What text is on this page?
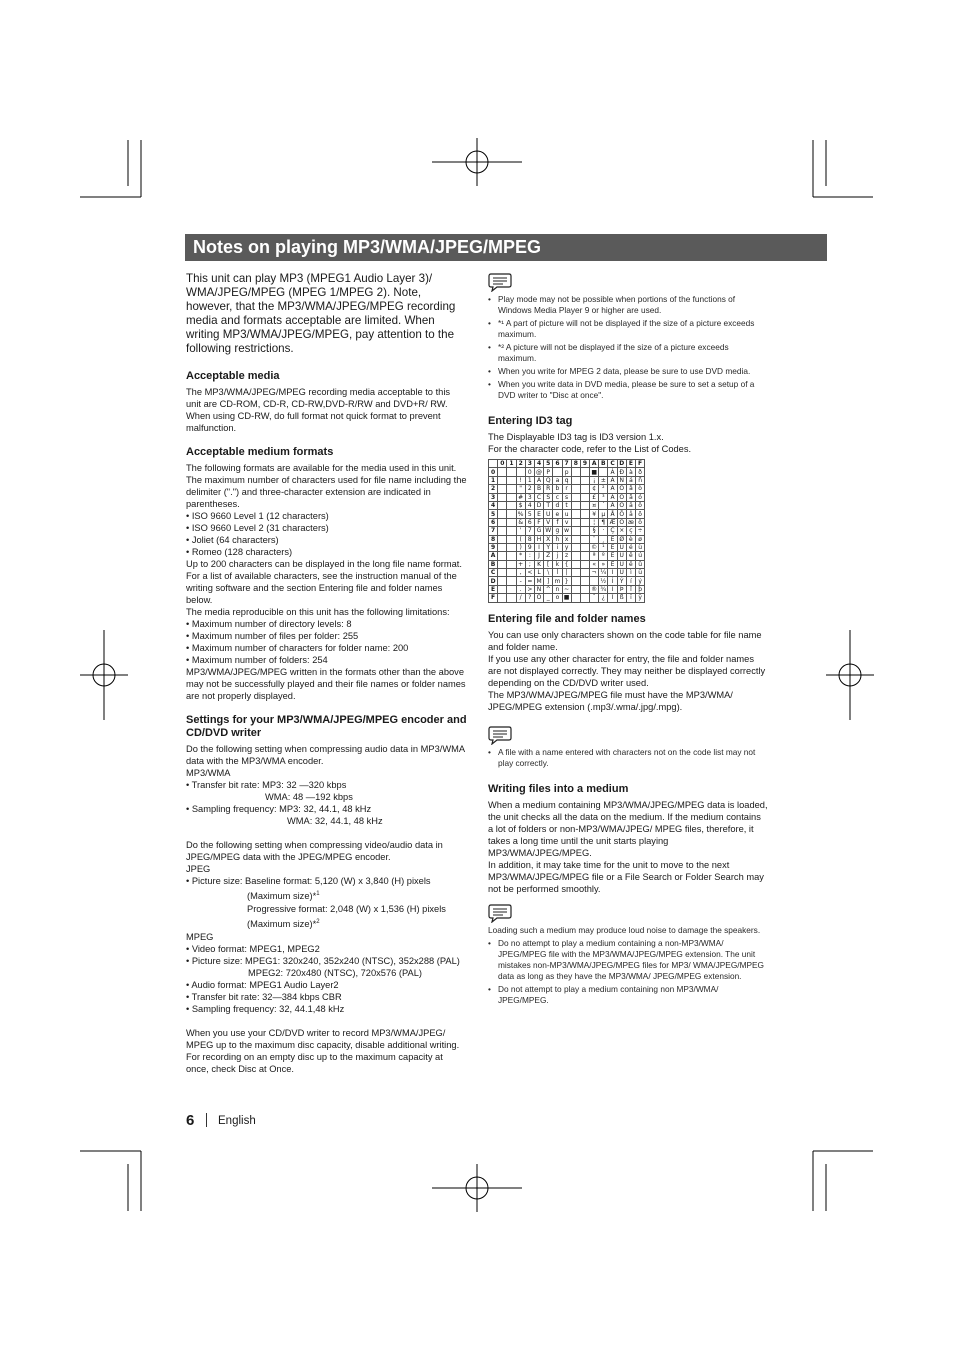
Notes on playing MP3/WMA/JPEG/MPEG

This unit can play MP3 (MPEG1 Audio Layer 3)/ WMA/JPEG/MPEG (MPEG 1/MPEG 2). Note, however, that the MP3/WMA/JPEG/MPEG recording media and formats acceptable are limited. When writing MP3/WMA/JPEG/MPEG, pay attention to the following restrictions.

Acceptable media

The MP3/WMA/JPEG/MPEG recording media acceptable to this unit are CD-ROM, CD-R, CD-RW,DVD-R/RW and DVD+R/ RW.

When using CD-RW, do full format not quick format to prevent malfunction.

Acceptable medium formats

The following formats are available for the media used in this unit. The maximum number of characters used for file name including the delimiter (".") and three-character extension are indicated in parentheses.

• ISO 9660 Level 1 (12 characters)
• ISO 9660 Level 2 (31 characters)
• Joliet (64 characters)
• Romeo (128 characters)

Up to 200 characters can be displayed in the long file name format. For a list of available characters, see the instruction manual of the writing software and the section Entering file and folder names below.

The media reproducible on this unit has the following limitations:

• Maximum number of directory levels: 8
• Maximum number of files per folder: 255
• Maximum number of characters for folder name: 200
• Maximum number of folders: 254

MP3/WMA/JPEG/MPEG written in the formats other than the above may not be successfully played and their file names or folder names are not properly displayed.

Settings for your MP3/WMA/JPEG/MPEG encoder and CD/DVD writer

Do the following setting when compressing audio data in MP3/WMA data with the MP3/WMA encoder.

MP3/WMA
• Transfer bit rate: MP3: 32 —320 kbps
WMA: 48 —192 kbps
• Sampling frequency: MP3: 32, 44.1, 48 kHz
WMA: 32, 44.1, 48 kHz

Do the following setting when compressing video/audio data in JPEG/MPEG data with the JPEG/MPEG encoder.

JPEG
• Picture size: Baseline format: 5,120 (W) x 3,840 (H) pixels
(Maximum size)*$^1$
Progressive format: 2,048 (W) x 1,536 (H) pixels
(Maximum size)*$^2$
MPEG
• Video format: MPEG1, MPEG2
• Picture size: MPEG1: 320x240, 352x240 (NTSC), 352x288 (PAL)
MPEG2: 720x480 (NTSC), 720x576 (PAL)
• Audio format: MPEG1 Audio Layer2
• Transfer bit rate: 32—384 kbps CBR
• Sampling frequency: 32, 44.1,48 kHz

When you use your CD/DVD writer to record MP3/WMA/JPEG/ MPEG up to the maximum disc capacity, disable additional writing. For recording on an empty disc up to the maximum capacity at once, check Disc at Once.

• Play mode may not be possible when portions of the functions of Windows Media Player 9 or higher are used.
• *¹ A part of picture will not be displayed if the size of a picture exceeds maximum.
• *² A picture will not be displayed if the size of a picture exceeds maximum.
• When you write for MPEG 2 data, please be sure to use DVD media.
• When you write data in DVD media, please be sure to set a setup of a DVD writer to "Disc at once".
Entering ID3 tag

The Displayable ID3 tag is ID3 version 1.x.

For the character code, refer to the List of Codes.

	0	1	2	3	4	5	6	7	8	9	A	B	C	D	E	F
0				0	@	P		p			■		À	Ð	à	ð
1			!	1	A	Q	a	q			¡	±	Á	Ñ	á	ñ
2			"	2	B	R	b	r			¢	²	Â	Ò	â	ò
3			#	3	C	S	c	s			£	³	Ã	Ó	ã	ó
4			$	4	D	T	d	t			¤	´	Ä	Ô	ä	ô
5			%	5	E	U	e	u			¥	µ	Å	Õ	å	õ
6			&	6	F	V	f	v			¦	¶	Æ	Ö	æ	ö
7			'	7	G	W	g	w			§	·	Ç	×	ç	÷
8			(	8	H	X	h	x			¨	¸	È	Ø	è	ø
9			)	9	I	Y	i	y			©	¹	É	Ù	é	ù
A			*	:	J	Z	j	z			ª	º	Ê	Ú	ê	ú
B			+	;	K	[	k	{			«	»	Ë	Û	ë	û
C			,	<	L	\	l	|			¬	¼	Ì	Ü	ì	ü
D			-	=	M	]	m	}				½	Í	Ý	í	ý
E			.	>	N	^	n	~			®	¾	Î	Þ	î	þ
F			/	?	O	_	o	■			¯	¿	Ï	ß	ï	ÿ
Entering file and folder names

You can use only characters shown on the code table for file name and folder name.

If you use any other character for entry, the file and folder names are not displayed correctly. They may neither be displayed correctly depending on the CD/DVD writer used.

The MP3/WMA/JPEG/MPEG file must have the MP3/WMA/ JPEG/MPEG extension (.mp3/.wma/.jpg/.mpg).

• A file with a name entered with characters not on the code list may not play correctly.
Writing files into a medium

When a medium containing MP3/WMA/JPEG/MPEG data is loaded, the unit checks all the data on the medium. If the medium contains a lot of folders or non-MP3/WMA/JPEG/ MPEG files, therefore, it takes a long time until the unit starts playing MP3/WMA/JPEG/MPEG.

In addition, it may take time for the unit to move to the next MP3/WMA/JPEG/MPEG file or a File Search or Folder Search may not be performed smoothly.

Loading such a medium may produce loud noise to damage the speakers.

• Do no attempt to play a medium containing a non-MP3/WMA/ JPEG/MPEG file with the MP3/WMA/JPEG/MPEG extension. The unit mistakes non-MP3/WMA/JPEG/MPEG files for MP3/ WMA/JPEG/MPEG data as long as they have the MP3/WMA/ JPEG/MPEG extension.
• Do not attempt to play a medium containing non MP3/WMA/ JPEG/MPEG.
6 English
